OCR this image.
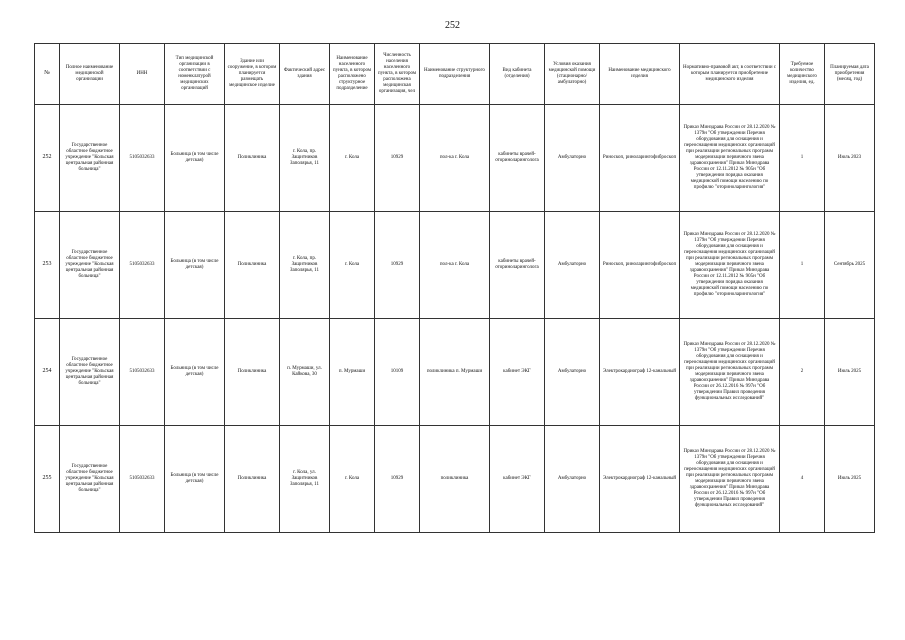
252
№	Полное наименование медицинской организации	ИНН	Тип медицинской организации в соответствии с номенклатурой медицинских организаций	Здание или сооружение, в котором планируется размещать медицинское изделие	Фактический адрес здания	Наименование населенного пункта, в котором расположено структурное подразделение	Численность населения населенного пункта, в котором расположена медицинская организация, чел	Наименование структурного подразделения	Вид кабинета (отделения)	Условия оказания медицинской помощи (стационарно/амбулаторно)	Наименование медицинского изделия	Нормативно-правовой акт, в соответствии с которым планируется приобретение медицинского изделия	Требуемое количество медицинского изделия, ед.	Планируемая дата приобретения (месяц, год)
252	Государственное областное бюджетное учреждение "Кольская центральная районная больница"	5105032633	Больница (в том числе детская)	Поликлиника	г. Кола, пр. Защитников Заполярья, 11	г. Кола	10929	пол-ка г. Кола	кабинеты врачей-оториноларинголога	Амбулаторно	Риноскоп, риноларингофиброскоп	Приказ Минздрава России от 28.12.2020 № 1379н "Об утверждении Перечня оборудования для оснащения и переоснащения медицинских организаций при реализации региональных программ модернизации первичного звена здравоохранения" Приказ Минздрава России от 12.11.2012 № 905н "Об утверждении порядка оказания медицинской помощи населению по профилю "оториноларингология"	1	Июль 2023
253	Государственное областное бюджетное учреждение "Кольская центральная районная больница"	5105032633	Больница (в том числе детская)	Поликлиника	г. Кола, пр. Защитников Заполярья, 11	г. Кола	10929	пол-ка г. Кола	кабинеты врачей-оториноларинголога	Амбулаторно	Риноскоп, риноларингофиброскоп	Приказ Минздрава России от 28.12.2020 № 1379н "Об утверждении Перечня оборудования для оснащения и переоснащения медицинских организаций при реализации региональных программ модернизации первичного звена здравоохранения" Приказ Минздрава России от 12.11.2012 № 905н "Об утверждении порядка оказания медицинской помощи населению по профилю "оториноларингология"	1	Сентябрь 2025
254	Государственное областное бюджетное учреждение "Кольская центральная районная больница"	5105032633	Больница (в том числе детская)	Поликлиника	п. Мурмаши, ул. Кайкова, 30	п. Мурмаши	10109	поликлиника п. Мурмаши	кабинет ЭКГ	Амбулаторно	Электрокардиограф 12-канальный	Приказ Минздрава России от 28.12.2020 № 1379н "Об утверждении Перечня оборудования для оснащения и переоснащения медицинских организаций при реализации региональных программ модернизации первичного звена здравоохранения" Приказ Минздрава России от 26.12.2016 № 997н "Об утверждении Правил проведения функциональных исследований"	2	Июль 2025
255	Государственное областное бюджетное учреждение "Кольская центральная районная больница"	5105032633	Больница (в том числе детская)	Поликлиника	г. Кола, ул. Защитников Заполярья, 11	г. Кола	10929	поликлиника	кабинет ЭКГ	Амбулаторно	Электрокардиограф 12-канальный	Приказ Минздрава России от 28.12.2020 № 1379н "Об утверждении Перечня оборудования для оснащения и переоснащения медицинских организаций при реализации региональных программ модернизации первичного звена здравоохранения" Приказ Минздрава России от 26.12.2016 № 997н "Об утверждении Правил проведения функциональных исследований"	4	Июль 2025
